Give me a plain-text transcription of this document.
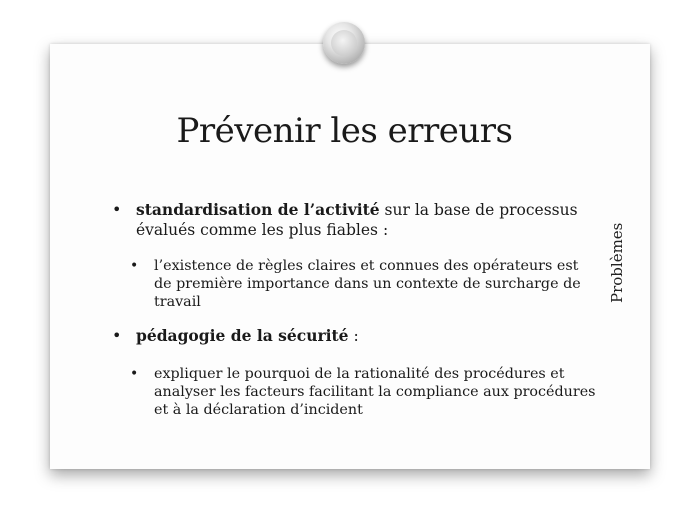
Prévenir les erreurs
Problèmes
• standardisation de l’activité sur la base de processus évalués comme les plus fiables :
• l’existence de règles claires et connues des opérateurs est de première importance dans un contexte de surcharge de travail
• pédagogie de la sécurité :
• expliquer le pourquoi de la rationalité des procédures et analyser les facteurs facilitant la compliance aux procédures et à la déclaration d’incident
